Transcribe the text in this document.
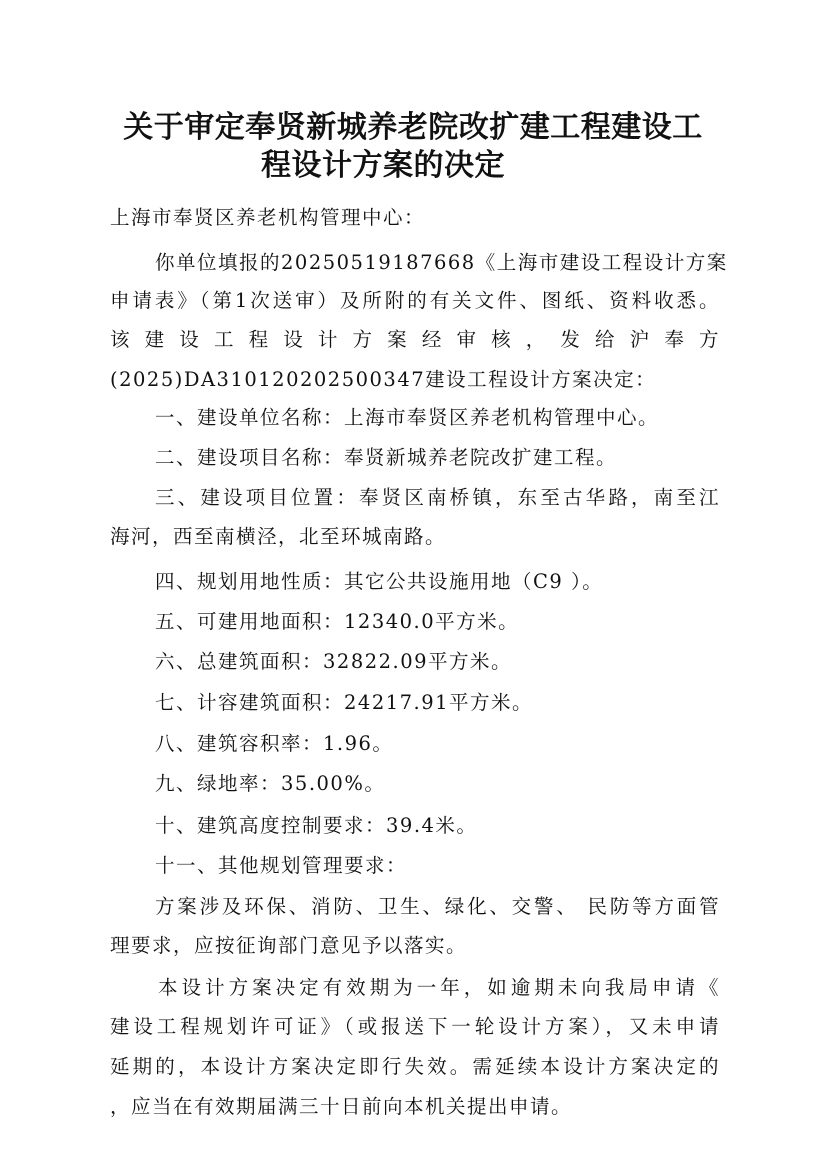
关于审定奉贤新城养老院改扩建工程建设工
程设计方案的决定
上海市奉贤区养老机构管理中心：
你单位填报的20250519187668《上海市建设工程设计方案
申请表》（第1次送审）及所附的有关文件、图纸、资料收悉。
该建设工程设计方案经审核，发给沪奉方
(2025)DA310120202500347建设工程设计方案决定：
一、建设单位名称：上海市奉贤区养老机构管理中心。
二、建设项目名称：奉贤新城养老院改扩建工程。
三、建设项目位置：奉贤区南桥镇，东至古华路，南至江
海河，西至南横泾，北至环城南路。
四、规划用地性质：其它公共设施用地（C9 ）。
五、可建用地面积：12340.0平方米。
六、总建筑面积：32822.09平方米。
七、计容建筑面积：24217.91平方米。
八、建筑容积率：1.96。
九、绿地率：35.00%。
十、建筑高度控制要求：39.4米。
十一、其他规划管理要求：
方案涉及环保、消防、卫生、绿化、交警、 民防等方面管
理要求，应按征询部门意见予以落实。
本设计方案决定有效期为一年，如逾期未向我局申请《
建设工程规划许可证》（或报送下一轮设计方案），又未申请
延期的，本设计方案决定即行失效。需延续本设计方案决定的
，应当在有效期届满三十日前向本机关提出申请。
